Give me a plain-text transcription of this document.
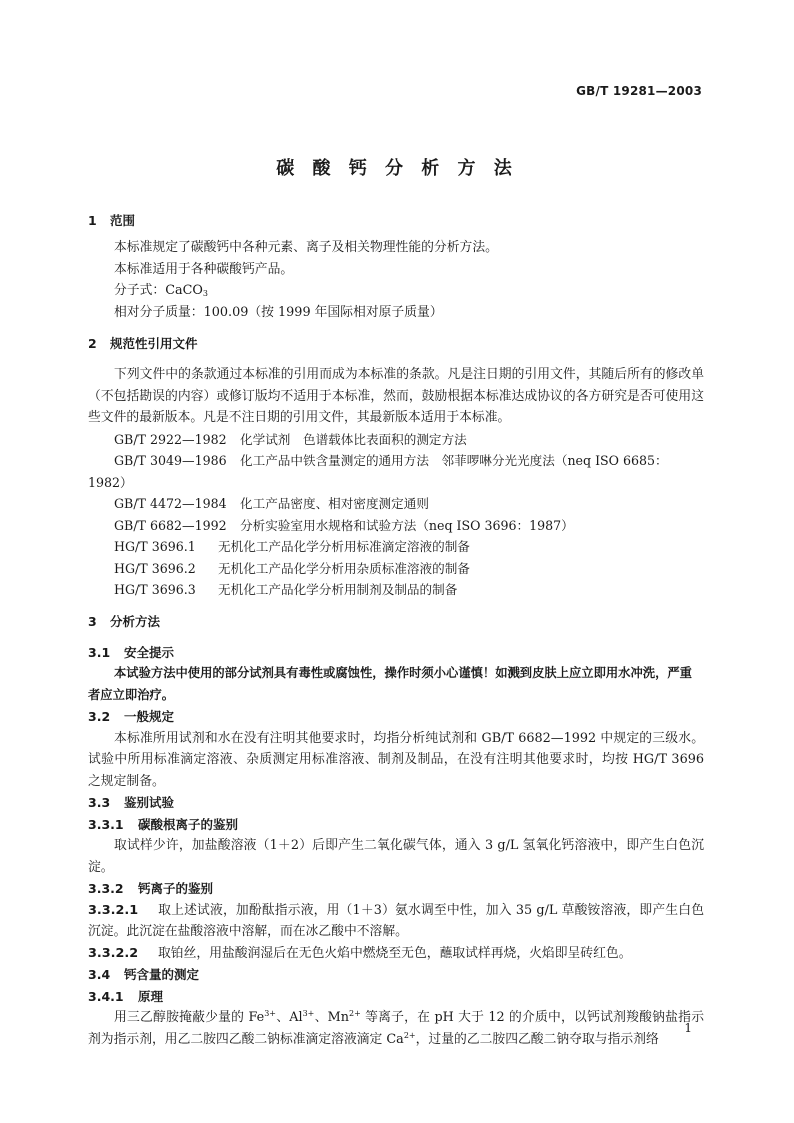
GB/T 19281—2003
碳 酸 钙 分 析 方 法
1 范围
本标准规定了碳酸钙中各种元素、离子及相关物理性能的分析方法。
本标准适用于各种碳酸钙产品。
分子式：CaCO$_3$
相对分子质量：100.09（按 1999 年国际相对原子质量）
2 规范性引用文件

下列文件中的条款通过本标准的引用而成为本标准的条款。凡是注日期的引用文件，其随后所有的修改单（不包括勘误的内容）或修订版均不适用于本标准，然而，鼓励根据本标准达成协议的各方研究是否可使用这些文件的最新版本。凡是不注日期的引用文件，其最新版本适用于本标准。

GB/T 2922—1982 化学试剂　色谱载体比表面积的测定方法
GB/T 3049—1986 化工产品中铁含量测定的通用方法　邻菲啰啉分光光度法（neq ISO 6685：
1982）
GB/T 4472—1984 化工产品密度、相对密度测定通则
GB/T 6682—1992 分析实验室用水规格和试验方法（neq ISO 3696：1987）
HG/T 3696.1 无机化工产品化学分析用标准滴定溶液的制备
HG/T 3696.2 无机化工产品化学分析用杂质标准溶液的制备
HG/T 3696.3 无机化工产品化学分析用制剂及制品的制备
3 分析方法
3.1 安全提示

本试验方法中使用的部分试剂具有毒性或腐蚀性，操作时须小心谨慎！如溅到皮肤上应立即用水冲洗，严重者应立即治疗。

3.2 一般规定

本标准所用试剂和水在没有注明其他要求时，均指分析纯试剂和 GB/T 6682—1992 中规定的三级水。试验中所用标准滴定溶液、杂质测定用标准溶液、制剂及制品，在没有注明其他要求时，均按 HG/T 3696 之规定制备。

3.3 鉴别试验
3.3.1 碳酸根离子的鉴别

取试样少许，加盐酸溶液（1＋2）后即产生二氧化碳气体，通入 3 g/L 氢氧化钙溶液中，即产生白色沉淀。

3.3.2 钙离子的鉴别

3.3.2.1 取上述试液，加酚酞指示液，用（1＋3）氨水调至中性，加入 35 g/L 草酸铵溶液，即产生白色沉淀。此沉淀在盐酸溶液中溶解，而在冰乙酸中不溶解。

3.3.2.2 取铂丝，用盐酸润湿后在无色火焰中燃烧至无色，蘸取试样再烧，火焰即呈砖红色。

3.4 钙含量的测定
3.4.1 原理

用三乙醇胺掩蔽少量的 $Fe^{3+}$、$Al^{3+}$、$Mn^{2+}$ 等离子，在 pH 大于 12 的介质中，以钙试剂羧酸钠盐指示剂为指示剂，用乙二胺四乙酸二钠标准滴定溶液滴定 $Ca^{2+}$，过量的乙二胺四乙酸二钠夺取与指示剂络

1
